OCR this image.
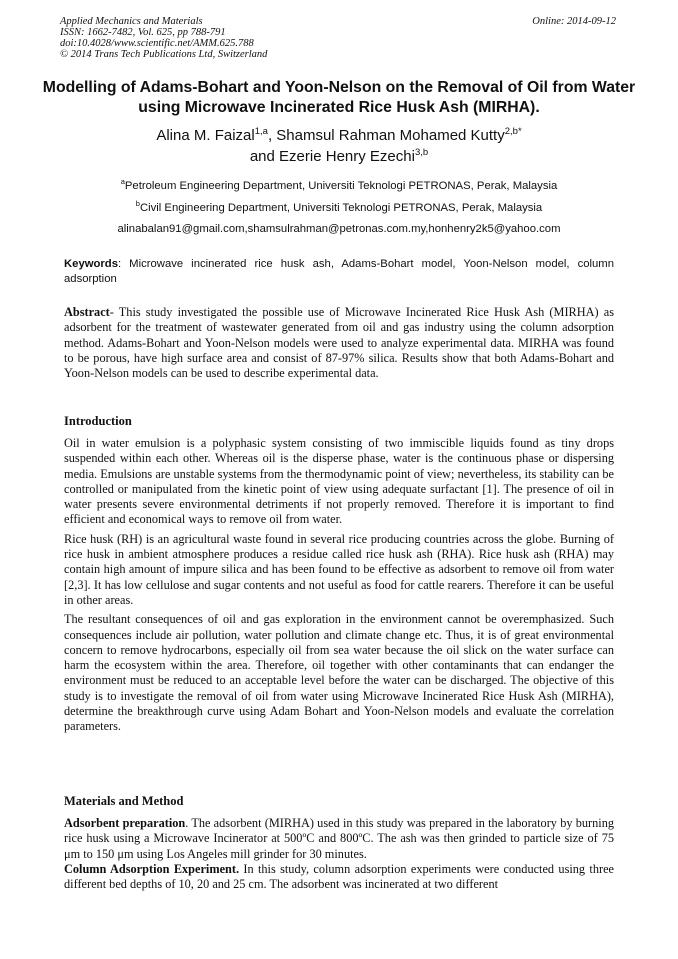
Applied Mechanics and Materials
ISSN: 1662-7482, Vol. 625, pp 788-791
doi:10.4028/www.scientific.net/AMM.625.788
© 2014 Trans Tech Publications Ltd, Switzerland
Online: 2014-09-12
Modelling of Adams-Bohart and Yoon-Nelson on the Removal of Oil from Water using Microwave Incinerated Rice Husk Ash (MIRHA).
Alina M. Faizal$^{1,a}$, Shamsul Rahman Mohamed Kutty$^{2,b*}$
and Ezerie Henry Ezechi$^{3,b}$
$^a$Petroleum Engineering Department, Universiti Teknologi PETRONAS, Perak, Malaysia
$^b$Civil Engineering Department, Universiti Teknologi PETRONAS, Perak, Malaysia
alinabalan91@gmail.com,shamsulrahman@petronas.com.my,honhenry2k5@yahoo.com
Keywords: Microwave incinerated rice husk ash, Adams-Bohart model, Yoon-Nelson model, column adsorption

Abstract- This study investigated the possible use of Microwave Incinerated Rice Husk Ash (MIRHA) as adsorbent for the treatment of wastewater generated from oil and gas industry using the column adsorption method. Adams-Bohart and Yoon-Nelson models were used to analyze experimental data. MIRHA was found to be porous, have high surface area and consist of 87-97% silica. Results show that both Adams-Bohart and Yoon-Nelson models can be used to describe experimental data.

Introduction

Oil in water emulsion is a polyphasic system consisting of two immiscible liquids found as tiny drops suspended within each other. Whereas oil is the disperse phase, water is the continuous phase or dispersing media. Emulsions are unstable systems from the thermodynamic point of view; nevertheless, its stability can be controlled or manipulated from the kinetic point of view using adequate surfactant [1]. The presence of oil in water presents severe environmental detriments if not properly removed. Therefore it is important to find efficient and economical ways to remove oil from water.

Rice husk (RH) is an agricultural waste found in several rice producing countries across the globe. Burning of rice husk in ambient atmosphere produces a residue called rice husk ash (RHA). Rice husk ash (RHA) may contain high amount of impure silica and has been found to be effective as adsorbent to remove oil from water [2,3]. It has low cellulose and sugar contents and not useful as food for cattle rearers. Therefore it can be useful in other areas.

The resultant consequences of oil and gas exploration in the environment cannot be overemphasized. Such consequences include air pollution, water pollution and climate change etc. Thus, it is of great environmental concern to remove hydrocarbons, especially oil from sea water because the oil slick on the water surface can harm the ecosystem within the area. Therefore, oil together with other contaminants that can endanger the environment must be reduced to an acceptable level before the water can be discharged. The objective of this study is to investigate the removal of oil from water using Microwave Incinerated Rice Husk Ash (MIRHA), determine the breakthrough curve using Adam Bohart and Yoon-Nelson models and evaluate the correlation parameters.

Materials and Method

Adsorbent preparation. The adsorbent (MIRHA) used in this study was prepared in the laboratory by burning rice husk using a Microwave Incinerator at 500ºC and 800ºC. The ash was then grinded to particle size of 75 μm to 150 μm using Los Angeles mill grinder for 30 minutes.

Column Adsorption Experiment. In this study, column adsorption experiments were conducted using three different bed depths of 10, 20 and 25 cm. The adsorbent was incinerated at two different
